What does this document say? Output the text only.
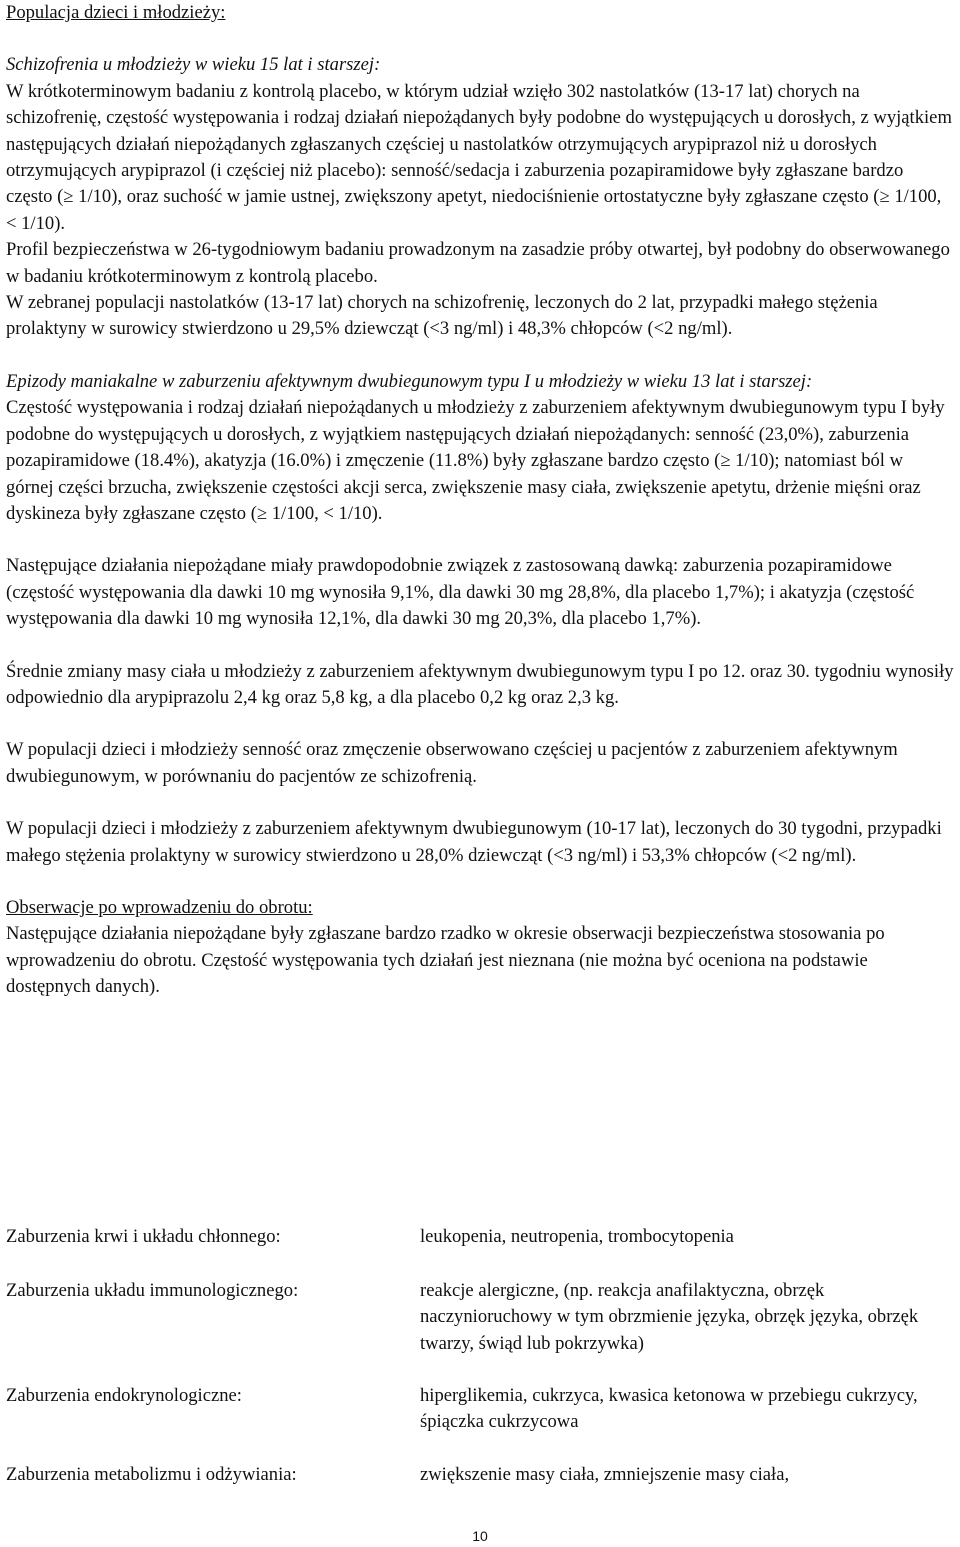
Populacja dzieci i młodzieży:

Schizofrenia u młodzieży w wieku 15 lat i starszej:

W krótkoterminowym badaniu z kontrolą placebo, w którym udział wzięło 302 nastolatków (13-17 lat) chorych na schizofrenię, częstość występowania i rodzaj działań niepożądanych były podobne do występujących u dorosłych, z wyjątkiem następujących działań niepożądanych zgłaszanych częściej u nastolatków otrzymujących arypiprazol niż u dorosłych otrzymujących arypiprazol (i częściej niż placebo): senność/sedacja i zaburzenia pozapiramidowe były zgłaszane bardzo często (≥ 1/10), oraz suchość w jamie ustnej, zwiększony apetyt, niedociśnienie ortostatyczne były zgłaszane często (≥ 1/100, < 1/10).

Profil bezpieczeństwa w 26-tygodniowym badaniu prowadzonym na zasadzie próby otwartej, był podobny do obserwowanego w badaniu krótkoterminowym z kontrolą placebo.

W zebranej populacji nastolatków (13-17 lat) chorych na schizofrenię, leczonych do 2 lat, przypadki małego stężenia prolaktyny w surowicy stwierdzono u 29,5% dziewcząt (<3 ng/ml) i 48,3% chłopców (<2 ng/ml).

Epizody maniakalne w zaburzeniu afektywnym dwubiegunowym typu I u młodzieży w wieku 13 lat i starszej:

Częstość występowania i rodzaj działań niepożądanych u młodzieży z zaburzeniem afektywnym dwubiegunowym typu I były podobne do występujących u dorosłych, z wyjątkiem następujących działań niepożądanych: senność (23,0%), zaburzenia pozapiramidowe (18.4%), akatyzja (16.0%) i zmęczenie (11.8%) były zgłaszane bardzo często (≥ 1/10); natomiast ból w górnej części brzucha, zwiększenie częstości akcji serca, zwiększenie masy ciała, zwiększenie apetytu, drżenie mięśni oraz dyskineza były zgłaszane często (≥ 1/100, < 1/10).

Następujące działania niepożądane miały prawdopodobnie związek z zastosowaną dawką: zaburzenia pozapiramidowe (częstość występowania dla dawki 10 mg wynosiła 9,1%, dla dawki 30 mg 28,8%, dla placebo 1,7%); i akatyzja (częstość występowania dla dawki 10 mg wynosiła 12,1%, dla dawki 30 mg 20,3%, dla placebo 1,7%).

Średnie zmiany masy ciała u młodzieży z zaburzeniem afektywnym dwubiegunowym typu I po 12. oraz 30. tygodniu wynosiły odpowiednio dla arypiprazolu 2,4 kg oraz 5,8 kg, a dla placebo 0,2 kg oraz 2,3 kg.

W populacji dzieci i młodzieży senność oraz zmęczenie obserwowano częściej u pacjentów z zaburzeniem afektywnym dwubiegunowym, w porównaniu do pacjentów ze schizofrenią.

W populacji dzieci i młodzieży z zaburzeniem afektywnym dwubiegunowym (10-17 lat), leczonych do 30 tygodni, przypadki małego stężenia prolaktyny w surowicy stwierdzono u 28,0% dziewcząt (<3 ng/ml) i 53,3% chłopców (<2 ng/ml).

Obserwacje po wprowadzeniu do obrotu:

Następujące działania niepożądane były zgłaszane bardzo rzadko w okresie obserwacji bezpieczeństwa stosowania po wprowadzeniu do obrotu. Częstość występowania tych działań jest nieznana (nie można być oceniona na podstawie dostępnych danych).

Zaburzenia krwi i układu chłonnego:	leukopenia, neutropenia, trombocytopenia
Zaburzenia układu immunologicznego:	reakcje alergiczne, (np. reakcja anafilaktyczna, obrzęk naczynioruchowy w tym obrzmienie języka, obrzęk języka, obrzęk twarzy, świąd lub pokrzywka)
Zaburzenia endokrynologiczne:	hiperglikemia, cukrzyca, kwasica ketonowa w przebiegu cukrzycy, śpiączka cukrzycowa
Zaburzenia metabolizmu i odżywiania:	zwiększenie masy ciała, zmniejszenie masy ciała,
10
